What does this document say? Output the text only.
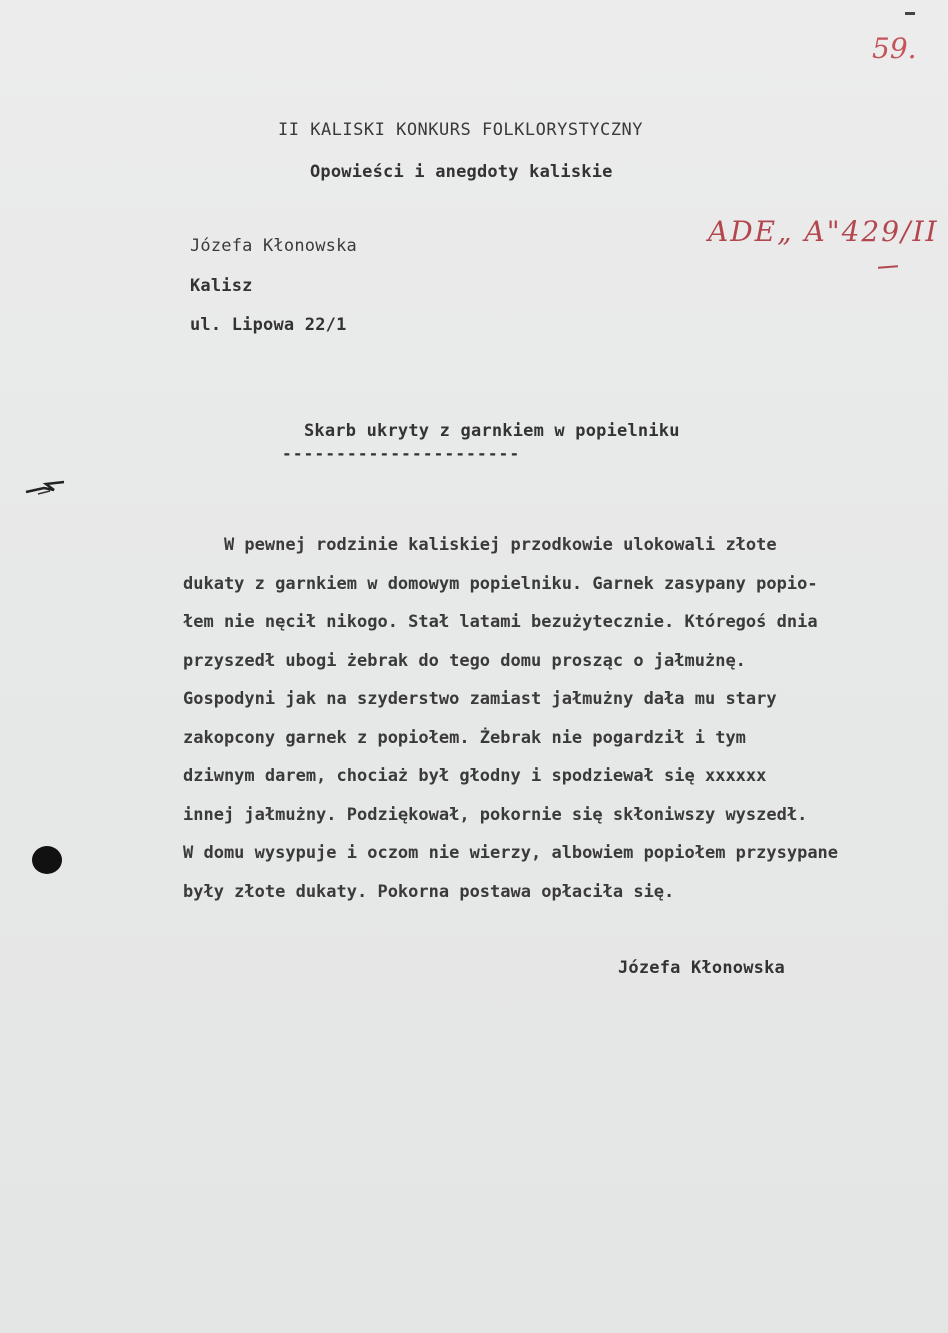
59.
II KALISKI KONKURS FOLKLORYSTYCZNY
Opowieści i anegdoty kaliskie
ADE„ A"429/II
Józefa Kłonowska
Kalisz
ul. Lipowa 22/1
Skarb ukryty z garnkiem w popielniku
----------------------
W pewnej rodzinie kaliskiej przodkowie ulokowali złote
dukaty z garnkiem w domowym popielniku. Garnek zasypany popio-
łem nie nęcił nikogo. Stał latami bezużytecznie. Któregoś dnia
przyszedł ubogi żebrak do tego domu prosząc o jałmużnę.
Gospodyni jak na szyderstwo zamiast jałmużny dała mu stary
zakopcony garnek z popiołem. Żebrak nie pogardził i tym
dziwnym darem, chociaż był głodny i spodziewał się xxxxxx
innej jałmużny. Podziękował, pokornie się skłoniwszy wyszedł.
W domu wysypuje i oczom nie wierzy, albowiem popiołem przysypane
były złote dukaty. Pokorna postawa opłaciła się.
Józefa Kłonowska
